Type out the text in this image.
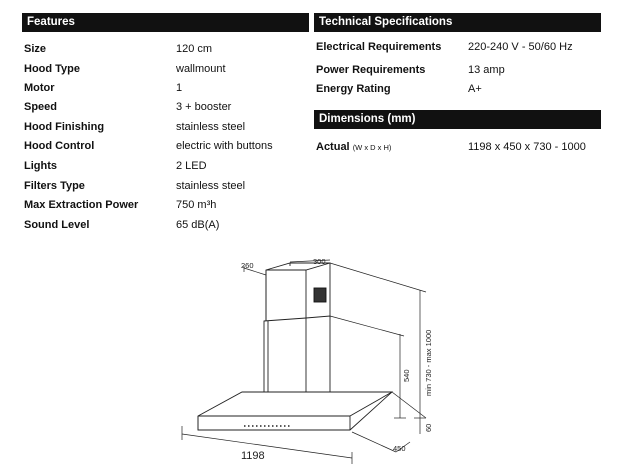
Features
Size	120 cm
Hood Type	wallmount
Motor	1
Speed	3 + booster
Hood Finishing	stainless steel
Hood Control	electric with buttons
Lights	2 LED
Filters Type	stainless steel
Max Extraction Power	750 m³h
Sound Level	65 dB(A)
Technical Specifications
Electrical Requirements 220-240 V - 50/60 Hz
Power Requirements	13 amp
Energy Rating	A+
Dimensions (mm)
Actual (W x D x H)	1198 x 450 x 730 - 1000
260	300
540 min 730 - max 1000
60
450
1198
